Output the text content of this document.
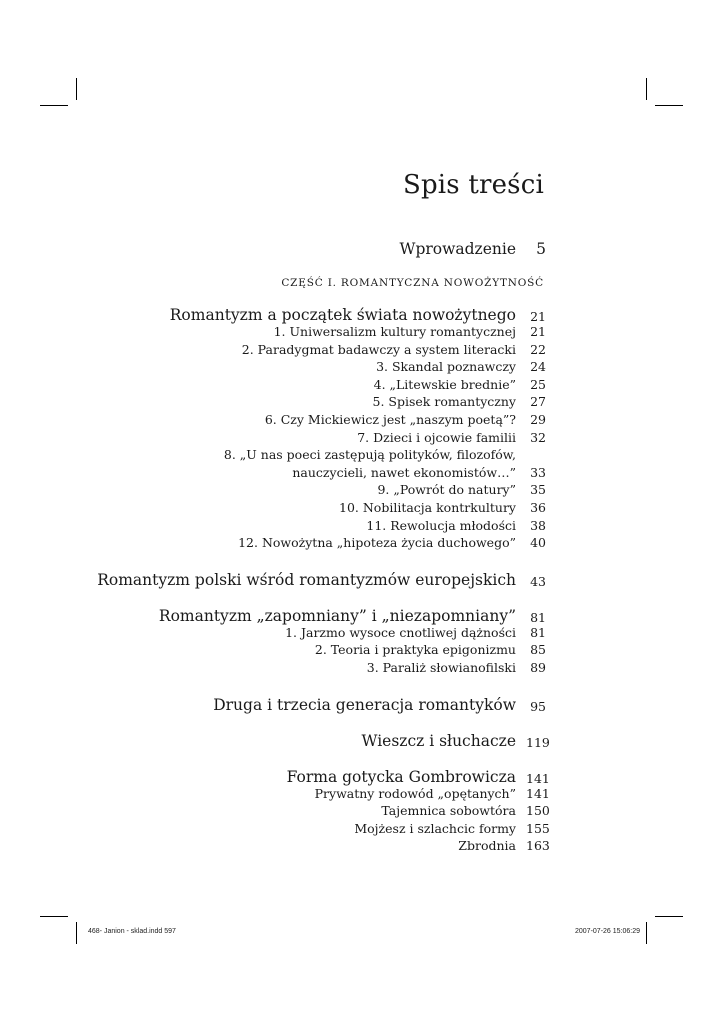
468- Janion - sklad.indd 597	2007-07-26 15:06:29
Spis treści
Wprowadzenie	5
CZĘŚĆ I. ROMANTYCZNA NOWOŻYTNOŚĆ
Romantyzm a początek świata nowożytnego	21
1. Uniwersalizm kultury romantycznej	21
2. Paradygmat badawczy a system literacki	22
3. Skandal poznawczy	24
4. „Litewskie brednie”	25
5. Spisek romantyczny	27
6. Czy Mickiewicz jest „naszym poetą”?	29
7. Dzieci i ojcowie familii	32
8. „U nas poeci zastępują polityków, filozofów,
nauczycieli, nawet ekonomistów…”	33
9. „Powrót do natury”	35
10. Nobilitacja kontrkultury	36
11. Rewolucja młodości	38
12. Nowożytna „hipoteza życia duchowego”	40
Romantyzm polski wśród romantyzmów europejskich	43
Romantyzm „zapomniany” i „niezapomniany”	81
1. Jarzmo wysoce cnotliwej dążności	81
2. Teoria i praktyka epigonizmu	85
3. Paraliż słowianofilski	89
Druga i trzecia generacja romantyków	95
Wieszcz i słuchacze 119
Forma gotycka Gombrowicza 141
Prywatny rodowód „opętanych” 141
Tajemnica sobowtóra 150
Mojżesz i szlachcic formy 155
Zbrodnia 163
